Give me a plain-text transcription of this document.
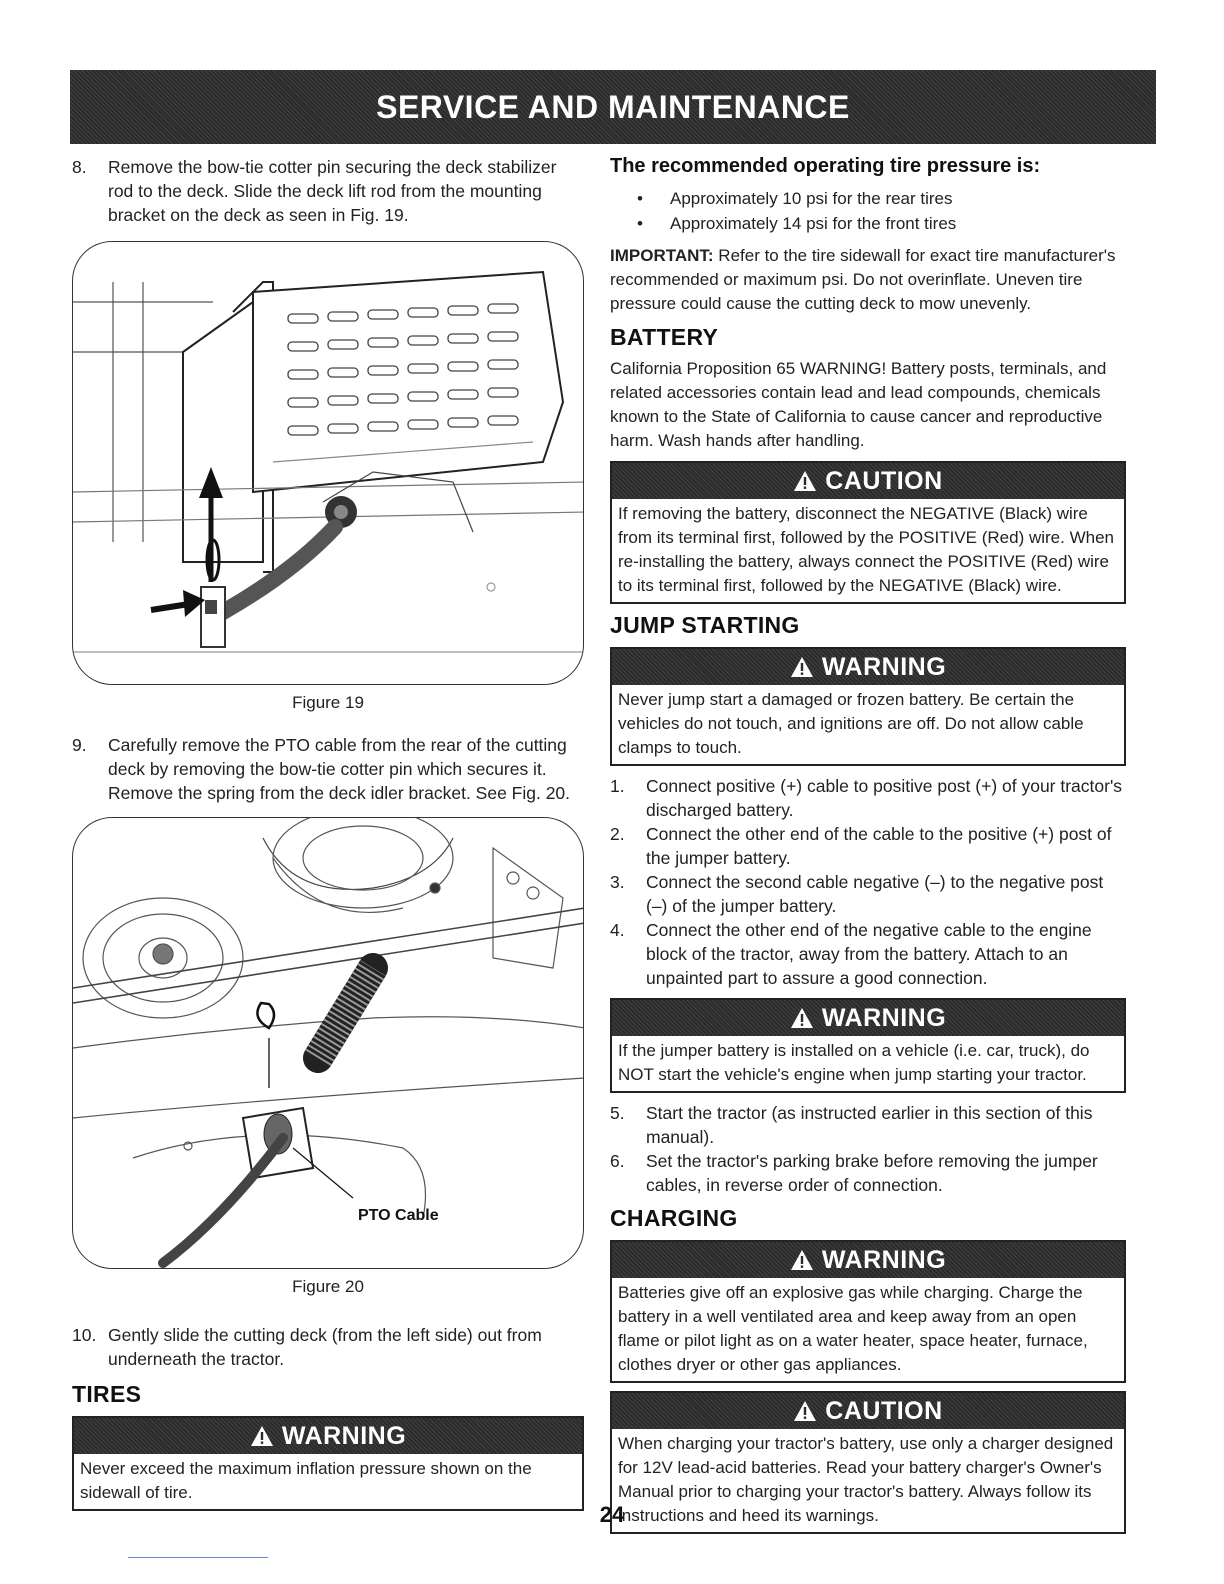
SERVICE AND MAINTENANCE
8.	Remove the bow-tie cotter pin securing the deck stabilizer rod to the deck. Slide the deck lift rod from the mounting bracket on the deck as seen in Fig. 19.
Figure 19
9.	Carefully remove the PTO cable from the rear of the cutting deck by removing the bow-tie cotter pin which secures it. Remove the spring from the deck idler bracket. See Fig. 20.
PTO Cable
Figure 20
10. Gently slide the cutting deck (from the left side) out from underneath the tractor.
TIRES
WARNING
Never exceed the maximum inflation pressure shown on the sidewall of tire.
The recommended operating tire pressure is:
•	Approximately 10 psi for the rear tires
•	Approximately 14 psi for the front tires

IMPORTANT: Refer to the tire sidewall for exact tire manufacturer's recommended or maximum psi. Do not overinflate. Uneven tire pressure could cause the cutting deck to mow unevenly.

BATTERY

California Proposition 65 WARNING! Battery posts, terminals, and related accessories contain lead and lead compounds, chemicals known to the State of California to cause cancer and reproductive harm. Wash hands after handling.

CAUTION
If removing the battery, disconnect the NEGATIVE (Black) wire from its terminal first, followed by the POSITIVE (Red) wire. When re-installing the battery, always connect the POSITIVE (Red) wire to its terminal first, followed by the NEGATIVE (Black) wire.
JUMP STARTING
WARNING
Never jump start a damaged or frozen battery. Be certain the vehicles do not touch, and ignitions are off. Do not allow cable clamps to touch.
1.	Connect positive (+) cable to positive post (+) of your tractor's discharged battery.
2.	Connect the other end of the cable to the positive (+) post of the jumper battery.
3.	Connect the second cable negative (–) to the negative post (–) of the jumper battery.
4.	Connect the other end of the negative cable to the engine block of the tractor, away from the battery. Attach to an unpainted part to assure a good connection.
WARNING
If the jumper battery is installed on a vehicle (i.e. car, truck), do NOT start the vehicle's engine when jump starting your tractor.
5.	Start the tractor (as instructed earlier in this section of this manual).
6.	Set the tractor's parking brake before removing the jumper cables, in reverse order of connection.
CHARGING
WARNING
Batteries give off an explosive gas while charging. Charge the battery in a well ventilated area and keep away from an open flame or pilot light as on a water heater, space heater, furnace, clothes dryer or other gas appliances.
CAUTION
When charging your tractor's battery, use only a charger designed for 12V lead-acid batteries. Read your battery charger's Owner's Manual prior to charging your tractor's battery. Always follow its instructions and heed its warnings.
24
